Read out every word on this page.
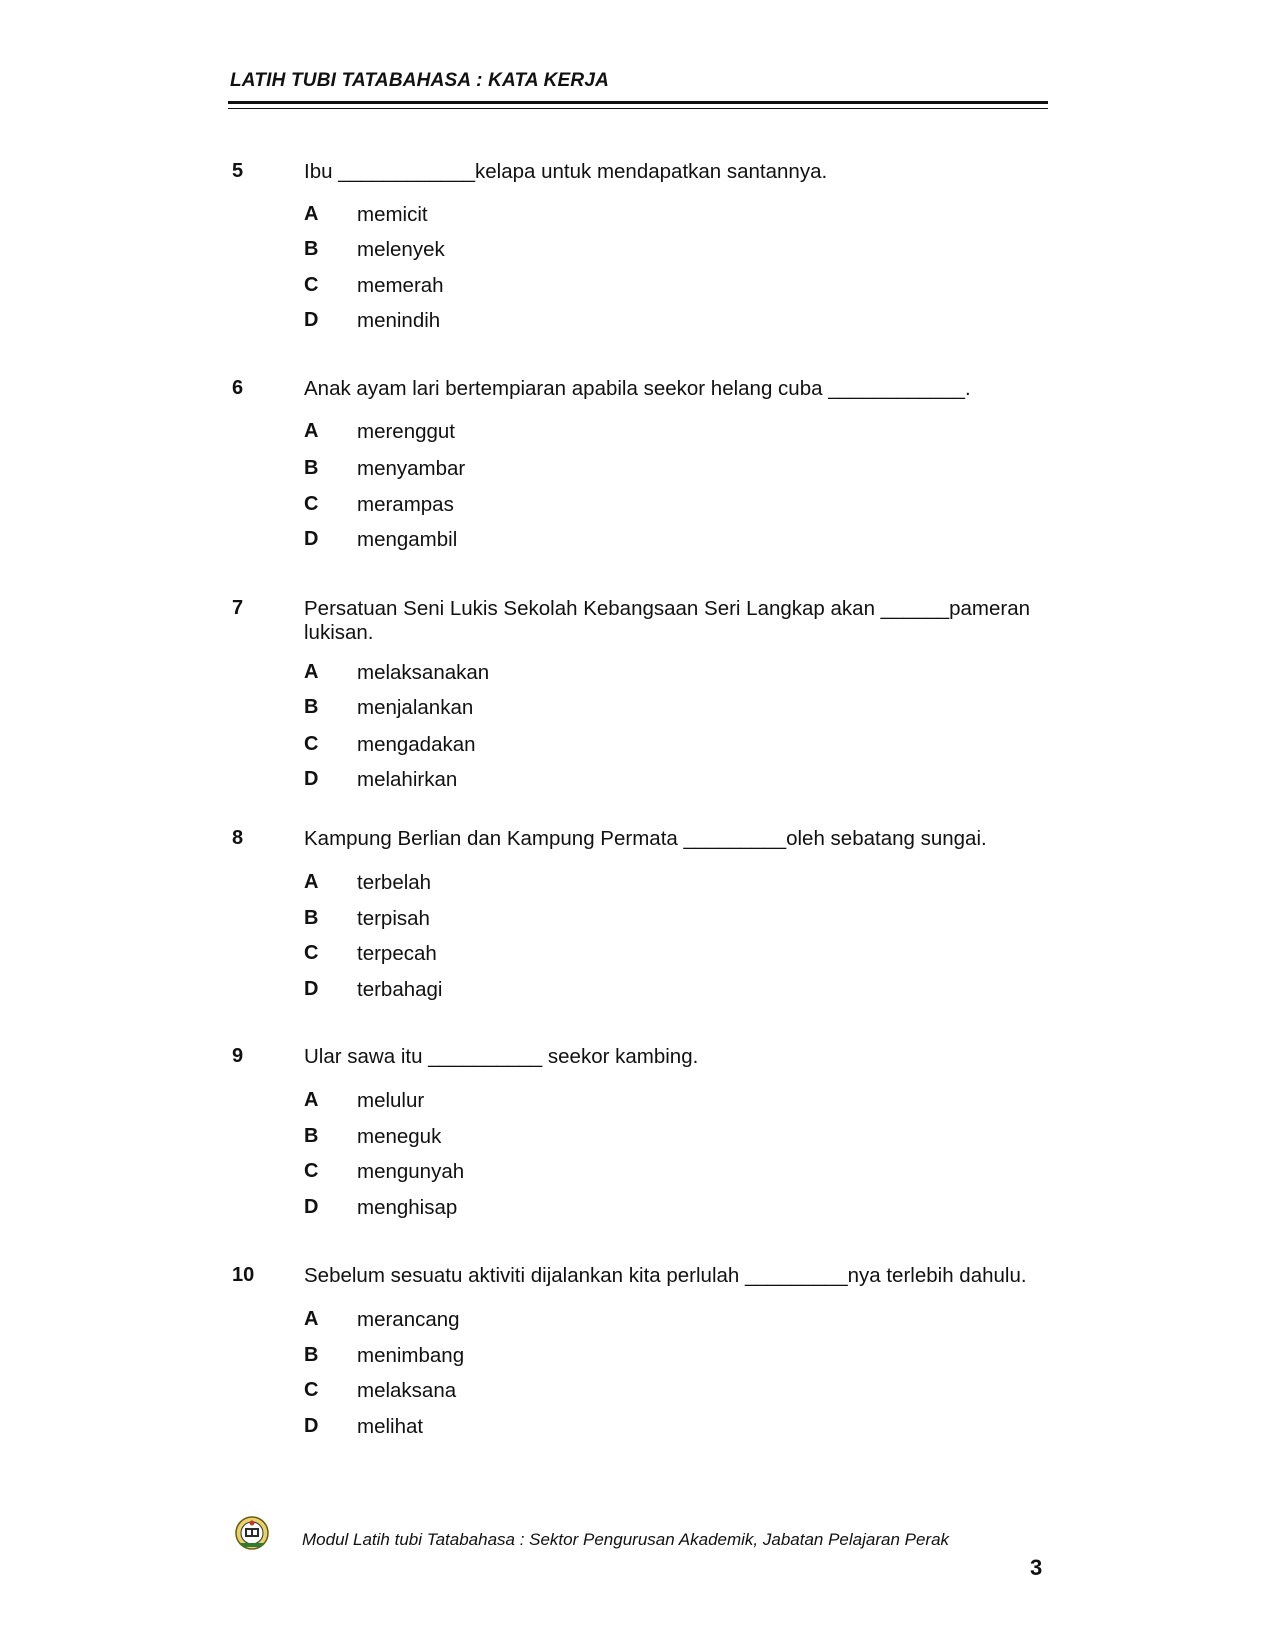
LATIH TUBI TATABAHASA : KATA KERJA
5	Ibu ____________kelapa untuk mendapatkan santannya.
A memicit
B melenyek
C memerah
D menindih
6	Anak ayam lari bertempiaran apabila seekor helang cuba ____________.
A merenggut
B menyambar
C merampas
D mengambil
7	Persatuan Seni Lukis Sekolah Kebangsaan Seri Langkap akan ______pameran lukisan.
A melaksanakan
B menjalankan
C mengadakan
D melahirkan
8	Kampung Berlian dan Kampung Permata _________oleh sebatang sungai.
A terbelah
B terpisah
C terpecah
D terbahagi
9	Ular sawa itu __________ seekor kambing.
A melulur
B meneguk
C mengunyah
D menghisap
10 Sebelum sesuatu aktiviti dijalankan kita perlulah _________nya terlebih dahulu.
A merancang
B menimbang
C melaksana
D melihat
Modul Latih tubi Tatabahasa : Sektor Pengurusan Akademik, Jabatan Pelajaran Perak
3
